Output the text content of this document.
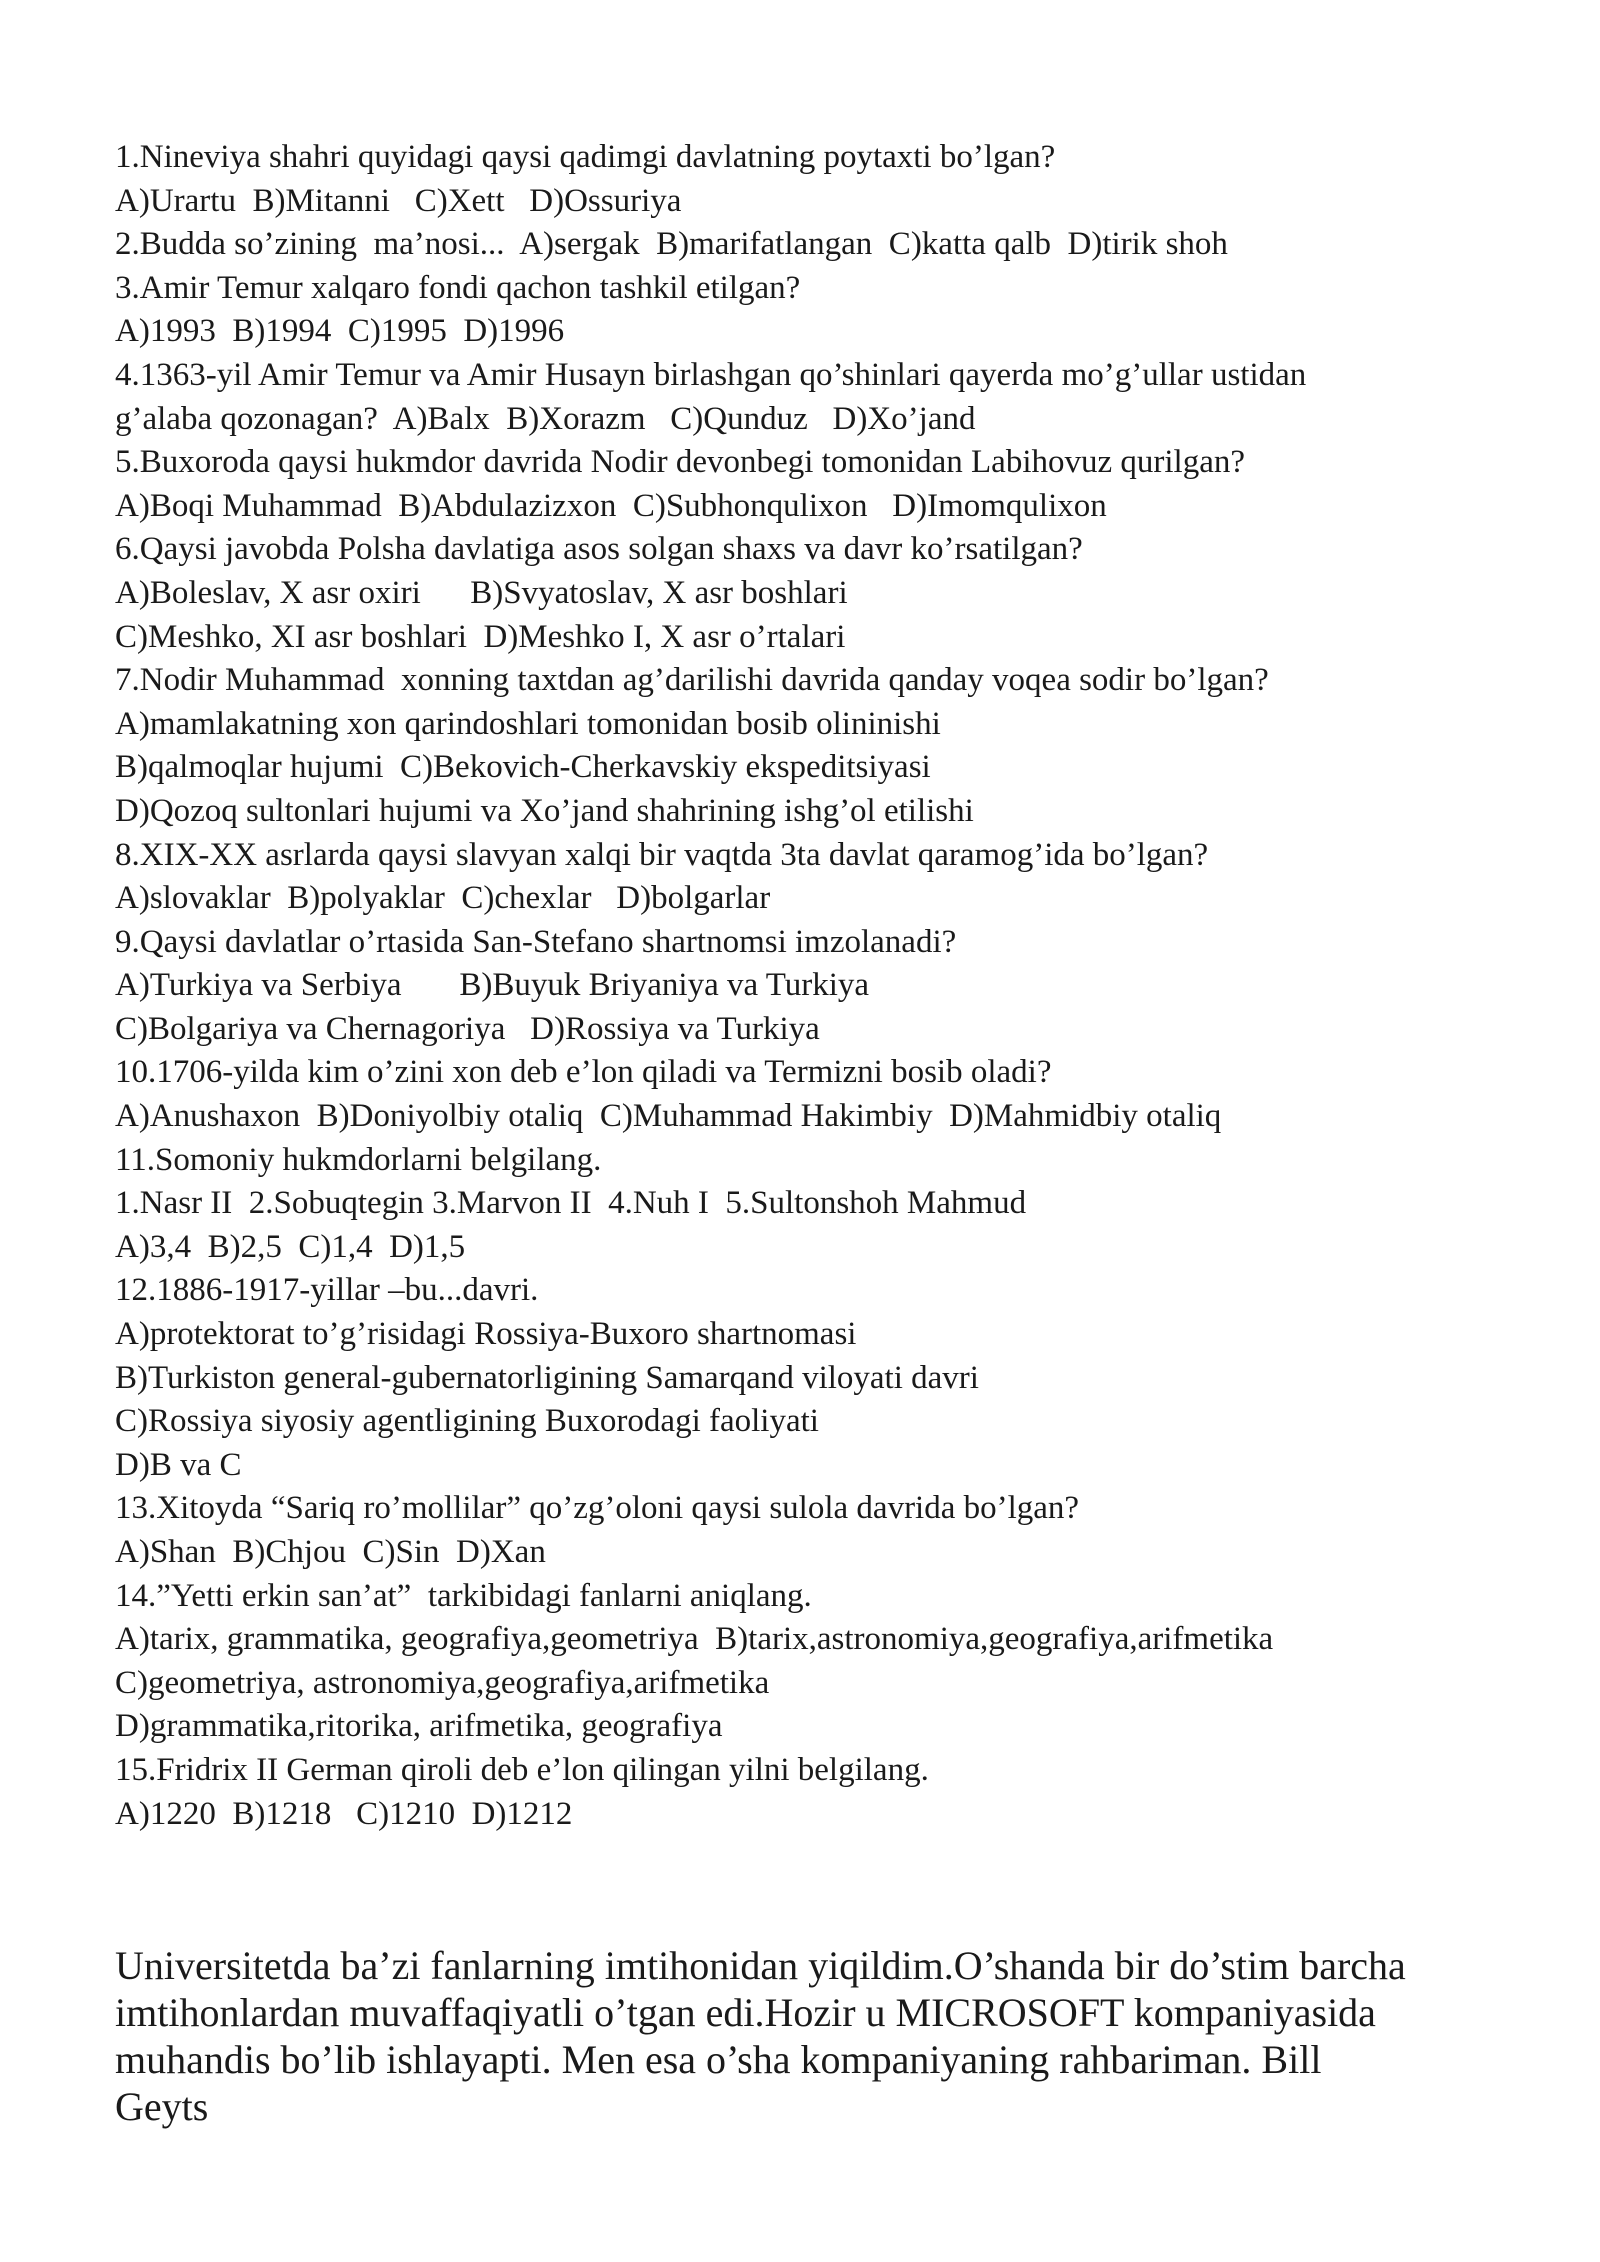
1.Nineviya shahri quyidagi qaysi qadimgi davlatning poytaxti bo’lgan?
A)Urartu  B)Mitanni   C)Xett   D)Ossuriya
2.Budda so’zining  ma’nosi...  A)sergak  B)marifatlangan  C)katta qalb  D)tirik shoh
3.Amir Temur xalqaro fondi qachon tashkil etilgan?
A)1993  B)1994  C)1995  D)1996
4.1363-yil Amir Temur va Amir Husayn birlashgan qo’shinlari qayerda mo’g’ullar ustidan
g’alaba qozonagan?  A)Balx  B)Xorazm   C)Qunduz   D)Xo’jand
5.Buxoroda qaysi hukmdor davrida Nodir devonbegi tomonidan Labihovuz qurilgan?
A)Boqi Muhammad  B)Abdulazizxon  C)Subhonqulixon   D)Imomqulixon
6.Qaysi javobda Polsha davlatiga asos solgan shaxs va davr ko’rsatilgan?
A)Boleslav, X asr oxiri      B)Svyatoslav, X asr boshlari
C)Meshko, XI asr boshlari  D)Meshko I, X asr o’rtalari
7.Nodir Muhammad  xonning taxtdan ag’darilishi davrida qanday voqea sodir bo’lgan?
A)mamlakatning xon qarindoshlari tomonidan bosib olininishi
B)qalmoqlar hujumi  C)Bekovich-Cherkavskiy ekspeditsiyasi
D)Qozoq sultonlari hujumi va Xo’jand shahrining ishg’ol etilishi
8.XIX-XX asrlarda qaysi slavyan xalqi bir vaqtda 3ta davlat qaramog’ida bo’lgan?
A)slovaklar  B)polyaklar  C)chexlar   D)bolgarlar
9.Qaysi davlatlar o’rtasida San-Stefano shartnomsi imzolanadi?
A)Turkiya va Serbiya       B)Buyuk Briyaniya va Turkiya
C)Bolgariya va Chernagoriya   D)Rossiya va Turkiya
10.1706-yilda kim o’zini xon deb e’lon qiladi va Termizni bosib oladi?
A)Anushaxon  B)Doniyolbiy otaliq  C)Muhammad Hakimbiy  D)Mahmidbiy otaliq
11.Somoniy hukmdorlarni belgilang.
1.Nasr II  2.Sobuqtegin 3.Marvon II  4.Nuh I  5.Sultonshoh Mahmud
A)3,4  B)2,5  C)1,4  D)1,5
12.1886-1917-yillar –bu...davri.
A)protektorat to’g’risidagi Rossiya-Buxoro shartnomasi
B)Turkiston general-gubernatorligining Samarqand viloyati davri
C)Rossiya siyosiy agentligining Buxorodagi faoliyati
D)B va C
13.Xitoyda “Sariq ro’mollilar” qo’zg’oloni qaysi sulola davrida bo’lgan?
A)Shan  B)Chjou  C)Sin  D)Xan
14.”Yetti erkin san’at”  tarkibidagi fanlarni aniqlang.
A)tarix, grammatika, geografiya,geometriya  B)tarix,astronomiya,geografiya,arifmetika
C)geometriya, astronomiya,geografiya,arifmetika
D)grammatika,ritorika, arifmetika, geografiya
15.Fridrix II German qiroli deb e’lon qilingan yilni belgilang.
A)1220  B)1218   C)1210  D)1212
Universitetda ba’zi fanlarning imtihonidan yiqildim.O’shanda bir do’stim barcha imtihonlardan muvaffaqiyatli o’tgan edi.Hozir u MICROSOFT kompaniyasida muhandis bo’lib ishlayapti. Men esa o’sha kompaniyaning rahbariman. Bill Geyts
